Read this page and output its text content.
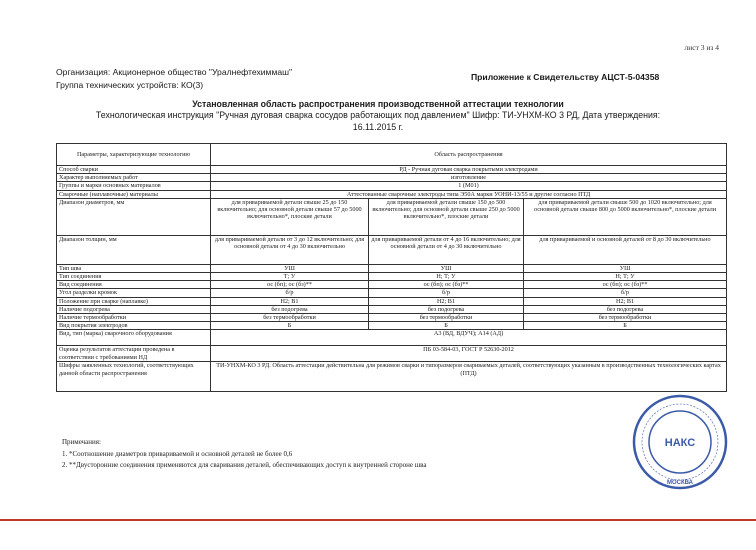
лист 3 из 4
Организация: Акционерное общество "Уралнефтехиммаш"
Группа технических устройств: КО(3)
Приложение к Свидетельству АЦСТ-5-04358
Установленная область распространения производственной аттестации технологии
Технологическая инструкция "Ручная дуговая сварка сосудов работающих под давлением" Шифр: ТИ-УНХМ-КО 3 РД, Дата утверждения:
16.11.2015 г.
Параметры, характеризующие технологию	Область распространения		
Способ сварки	РД - Ручная дуговая сварка покрытыми электродами		
Характер выполняемых работ	изготовление		
Группы и марки основных материалов	1 (М01)		
Сварочные (наплавочные) материалы	Аттестованные сварочные электроды типа Э50А марки УОНИ-13/55 и другие согласно ПТД		
Диапазон диаметров, мм	для привариваемой детали свыше 25 до 150 включительно; для основной детали свыше 57 до 5000 включительно*, плоские детали	для привариваемой детали свыше 150 до 500 включительно; для основной детали свыше 250 до 5000 включительно*, плоские детали	для привариваемой детали свыше 500 до 1020 включительно; для основной детали свыше 800 до 5000 включительно*, плоские детали
Диапазон толщин, мм	для привариваемой детали от 3 до 12 включительно; для основной детали от 4 до 30 включительно	для привариваемой детали от 4 до 16 включительно; для основной детали от 4 до 30 включительно	для привариваемой и основной деталей от 8 до 30 включительно
Тип шва	УШ	УШ	УШ
Тип соединения	Т; У	Н; Т; У	Н; Т; У
Вид соединения	ос (бп); ос (бз)**	ос (бп); ос (бз)**	ос (бп); ос (бз)**
Угол разделки кромок	б/р	б/р	б/р
Положение при сварке (наплавке)	Н2; В1	Н2; В1	Н2; В1
Наличие подогрева	без подогрева	без подогрева	без подогрева
Наличие термообработки	без термообработки	без термообработки	без термообработки
Вид покрытия электродов	Б	Б	Б
Вид, тип (марка) сварочного оборудования	А3 (ВД, ВДУЧ); А14 (АД)		
Оценка результатов аттестации проведена в соответствии с требованиями НД	ПБ 03-584-03, ГОСТ Р 52630-2012		
Шифры заявленных технологий, соответствующих данной области распространения	ТИ-УНХМ-КО 3 РД. Область аттестации действительна для режимов сварки и типоразмеров свариваемых деталей, соответствующих указанным в производственных технологических картах (ПТД)		
Примечания:
1. *Соотношение диаметров привариваемой и основной деталей не более 0,6
2. **Двусторонние соединения применяются для сваривания деталей, обеспечивающих доступ к внутренней стороне шва
НАКС
МОСКВА
